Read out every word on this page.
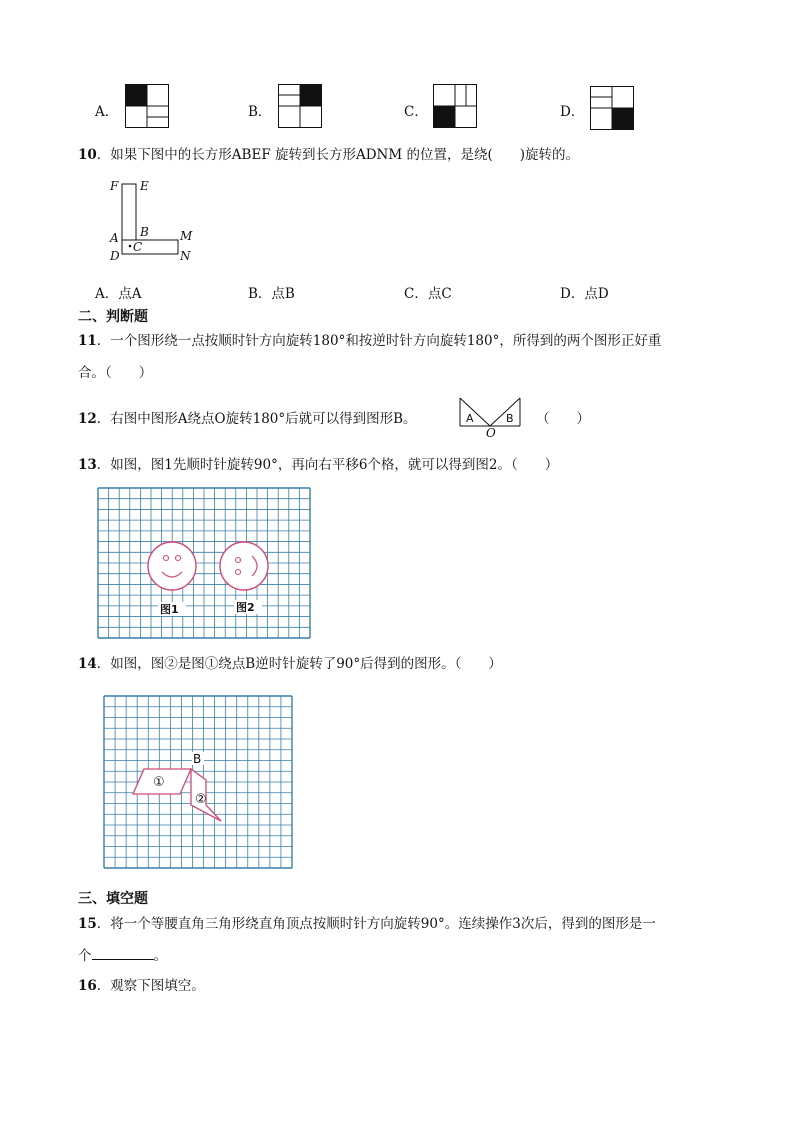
A．	B．	C．	D．
10．如果下图中的长方形ABEF 旋转到长方形ADNM 的位置，是绕(　　)旋转的。
F E
A B	M
C
D	N
A．点A	B．点B	C．点C	D．点D
二、判断题
11．一个图形绕一点按顺时针方向旋转180°和按逆时针方向旋转180°，所得到的两个图形正好重
合。（　　）
12．右图中图形A绕点O旋转180°后就可以得到图形B。	A	B
O
（　　）
13．如图，图1先顺时针旋转90°，再向右平移6个格，就可以得到图2。（　　）
图1	图2
14．如图，图②是图①绕点B逆时针旋转了90°后得到的图形。（　　）
①
②
B
三、填空题
15．将一个等腰直角三角形绕直角顶点按顺时针方向旋转90°。连续操作3次后，得到的图形是一
个	。
16．观察下图填空。
